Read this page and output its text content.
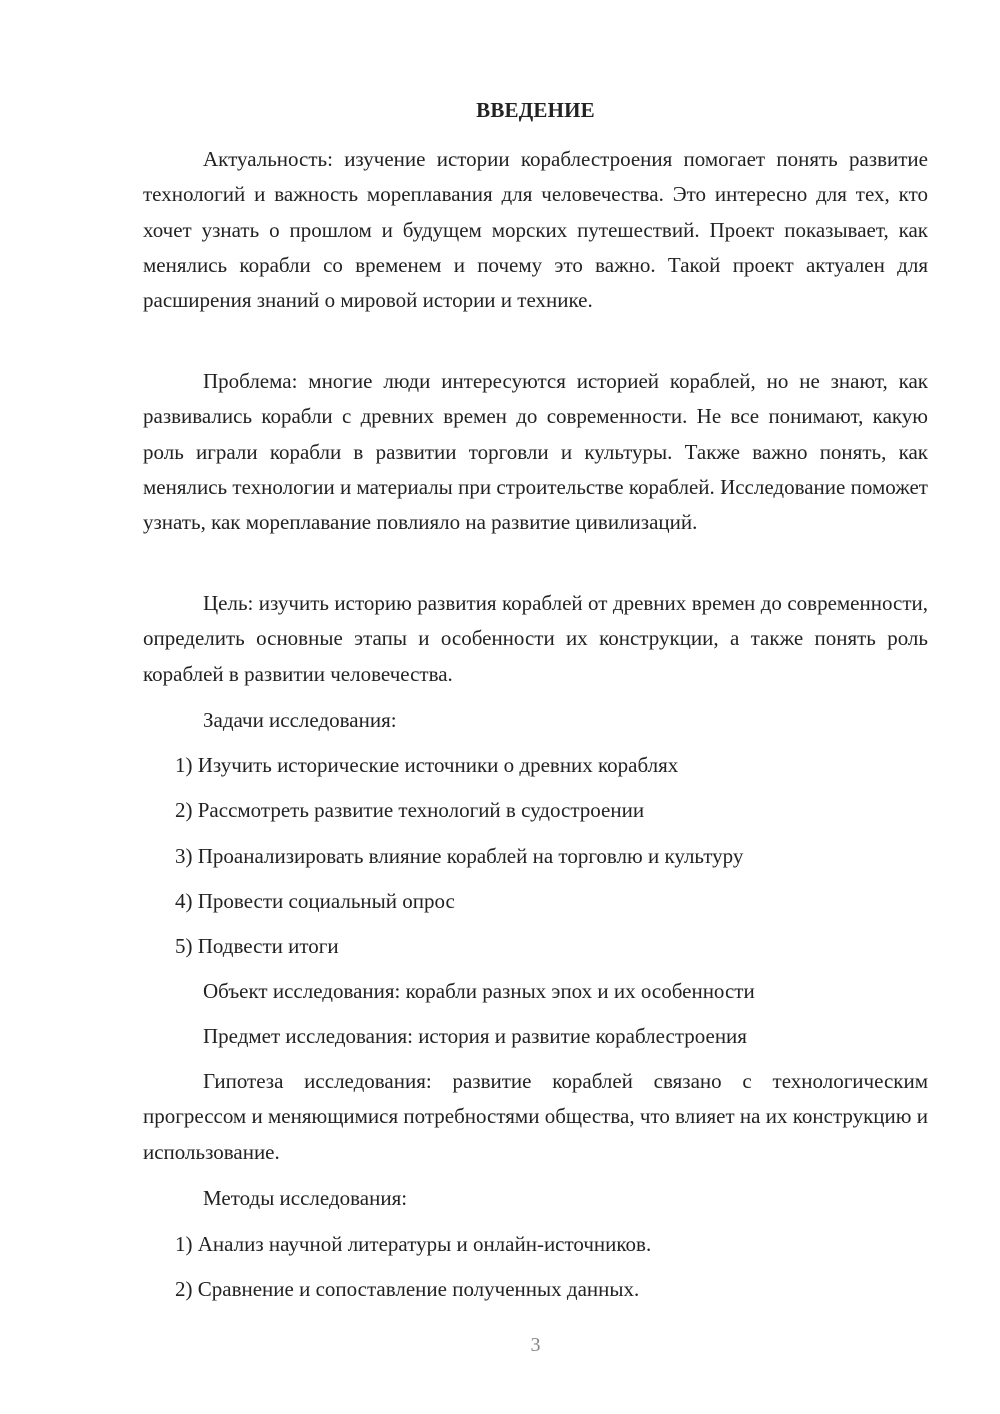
ВВЕДЕНИЕ

Актуальность: изучение истории кораблестроения помогает понять развитие технологий и важность мореплавания для человечества. Это интересно для тех, кто хочет узнать о прошлом и будущем морских путешествий. Проект показывает, как менялись корабли со временем и почему это важно. Такой проект актуален для расширения знаний о мировой истории и технике.

Проблема: многие люди интересуются историей кораблей, но не знают, как развивались корабли с древних времен до современности. Не все понимают, какую роль играли корабли в развитии торговли и культуры. Также важно понять, как менялись технологии и материалы при строительстве кораблей. Исследование поможет узнать, как мореплавание повлияло на развитие цивилизаций.

Цель: изучить историю развития кораблей от древних времен до современности, определить основные этапы и особенности их конструкции, а также понять роль кораблей в развитии человечества.

Задачи исследования:

1) Изучить исторические источники о древних кораблях

2) Рассмотреть развитие технологий в судостроении

3) Проанализировать влияние кораблей на торговлю и культуру

4) Провести социальный опрос

5) Подвести итоги

Объект исследования: корабли разных эпох и их особенности

Предмет исследования: история и развитие кораблестроения

Гипотеза исследования: развитие кораблей связано с технологическим прогрессом и меняющимися потребностями общества, что влияет на их конструкцию и использование.

Методы исследования:

1) Анализ научной литературы и онлайн-источников.

2) Сравнение и сопоставление полученных данных.

3
